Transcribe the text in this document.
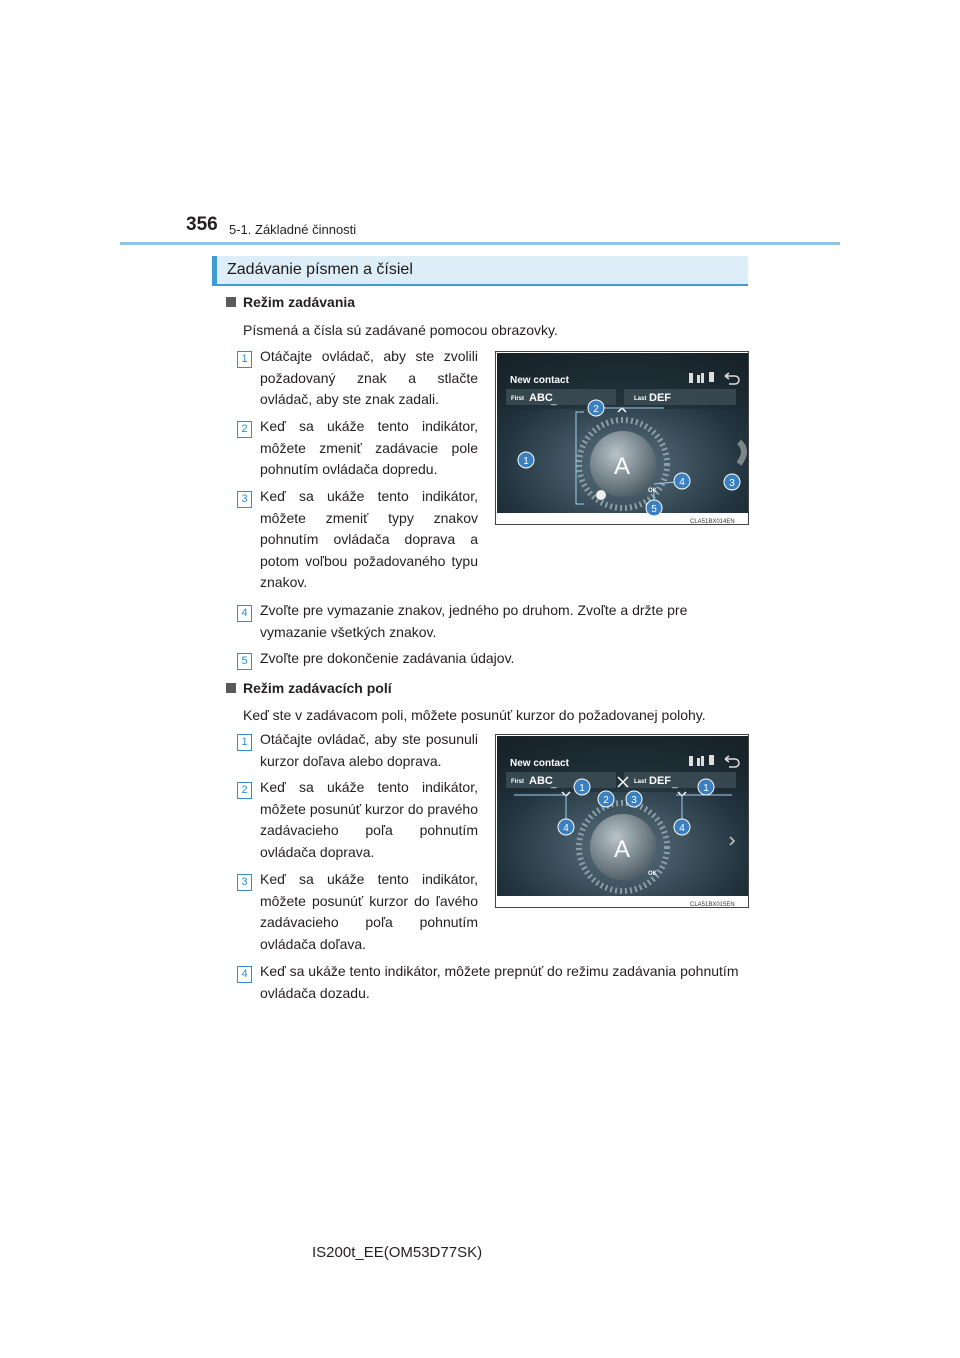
356 5-1. Základné činnosti
Zadávanie písmen a čísiel
Režim zadávania
Písmená a čísla sú zadávané pomocou obrazovky.
1 Otáčajte ovládač, aby ste zvolili požadovaný znak a stlačte ovládač, aby ste znak zadali.
2 Keď sa ukáže tento indikátor, môžete zmeniť zadávacie pole pohnutím ovládača dopredu.
3 Keď sa ukáže tento indikátor, môžete zmeniť typy znakov pohnutím ovládača doprava a potom voľbou požadovaného typu znakov.
4 Zvoľte pre vymazanie znakov, jedného po druhom. Zvoľte a držte pre vymazanie všetkých znakov.
5 Zvoľte pre dokončenie zadávania údajov.
New contact
First ABC
_	Last DEF
A
OK
1
2
3
4
5
CLA51BX014EN
Režim zadávacích polí
Keď ste v zadávacom poli, môžete posunúť kurzor do požadovanej polohy.
1 Otáčajte ovládač, aby ste posunuli kurzor doľava alebo doprava.
2 Keď sa ukáže tento indikátor, môžete posunúť kurzor do pravého zadávacieho poľa pohnutím ovládača doprava.
3 Keď sa ukáže tento indikátor, môžete posunúť kurzor do ľavého zadávacieho poľa pohnutím ovládača doľava.
4 Keď sa ukáže tento indikátor, môžete prepnúť do režimu zadávania pohnutím ovládača dozadu.
New contact
First ABC
_	Last DEF _
A
OK
1	1
2 3
4	4
CLA51BX015EN
IS200t_EE(OM53D77SK)
